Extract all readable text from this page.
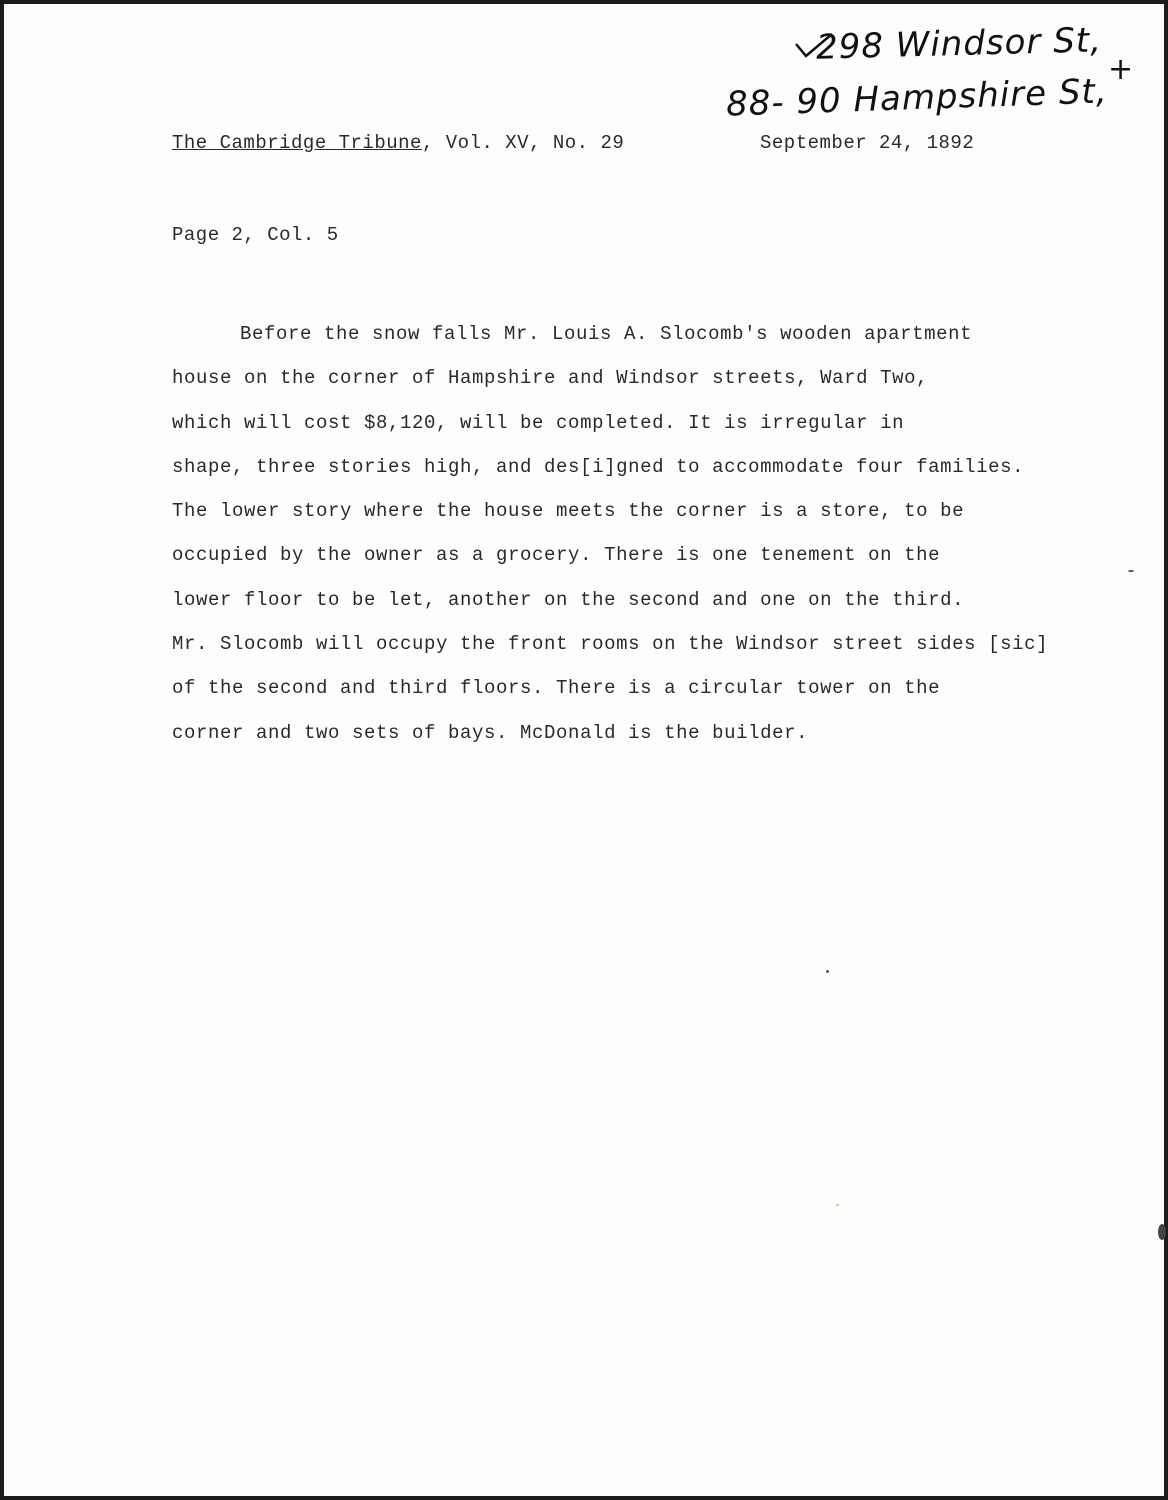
298 Windsor St,
88- 90 Hampshire St,
+
The Cambridge Tribune, Vol. XV, No. 29	September 24, 1892
Page 2, Col. 5
Before the snow falls Mr. Louis A. Slocomb's wooden apartment
house on the corner of Hampshire and Windsor streets, Ward Two,
which will cost $8,120, will be completed. It is irregular in
shape, three stories high, and des[i]gned to accommodate four families.
The lower story where the house meets the corner is a store, to be
occupied by the owner as a grocery. There is one tenement on the
lower floor to be let, another on the second and one on the third.
Mr. Slocomb will occupy the front rooms on the Windsor street sides [sic]
of the second and third floors. There is a circular tower on the
corner and two sets of bays. McDonald is the builder.
